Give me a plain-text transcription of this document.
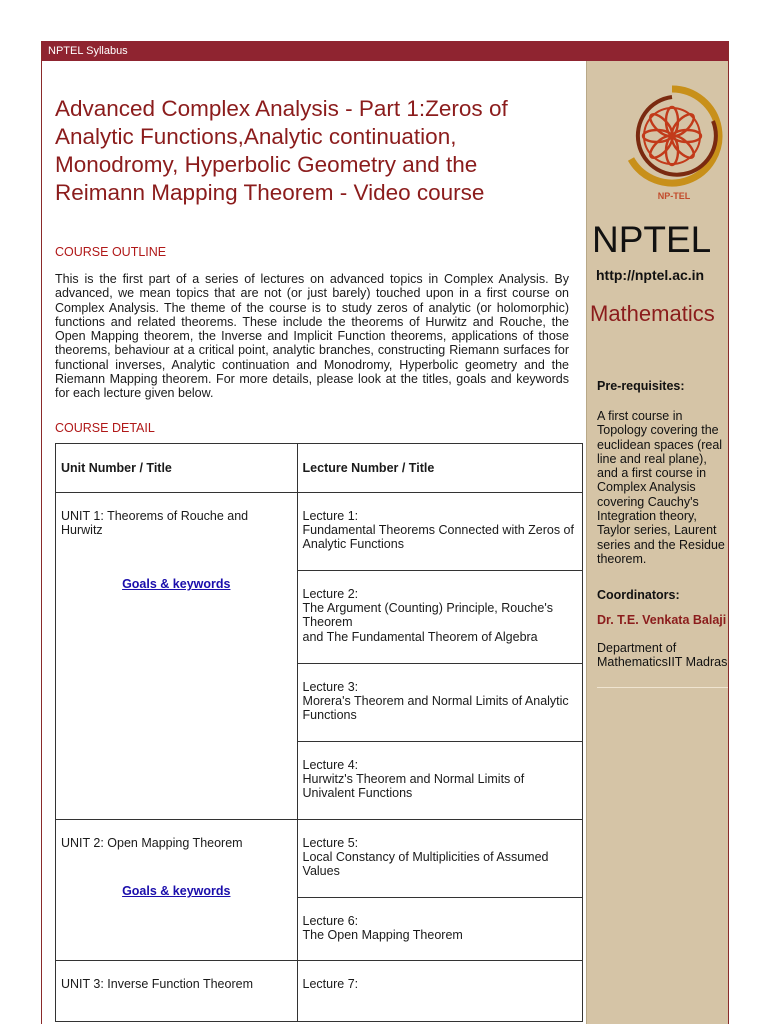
NPTEL Syllabus
Advanced Complex Analysis - Part 1:Zeros of Analytic Functions,Analytic continuation, Monodromy, Hyperbolic Geometry and the Reimann Mapping Theorem - Video course
COURSE OUTLINE

This is the first part of a series of lectures on advanced topics in Complex Analysis. By advanced, we mean topics that are not (or just barely) touched upon in a first course on Complex Analysis. The theme of the course is to study zeros of analytic (or holomorphic) functions and related theorems. These include the theorems of Hurwitz and Rouche, the Open Mapping theorem, the Inverse and Implicit Function theorems, applications of those theorems, behaviour at a critical point, analytic branches, constructing Riemann surfaces for functional inverses, Analytic continuation and Monodromy, Hyperbolic geometry and the Riemann Mapping theorem. For more details, please look at the titles, goals and keywords for each lecture given below.

COURSE DETAIL
Unit Number / Title	Lecture Number / Title

UNIT 1: Theorems of Rouche and Hurwitz
Goals & keywords	Lecture 1:
Fundamental Theorems Connected with Zeros of Analytic Functions

	Lecture 2:
The Argument (Counting) Principle, Rouche's Theorem
and The Fundamental Theorem of Algebra

	Lecture 3:
Morera's Theorem and Normal Limits of Analytic Functions

	Lecture 4:
Hurwitz's Theorem and Normal Limits of Univalent Functions

UNIT 2: Open Mapping Theorem
Goals & keywords	Lecture 5:
Local Constancy of Multiplicities of Assumed Values

	Lecture 6:
The Open Mapping Theorem

UNIT 3: Inverse Function Theorem	Lecture 7:
NP-TEL
NPTEL
http://nptel.ac.in
Mathematics
Pre-requisites:
A first course in Topology covering the euclidean spaces (real line and real plane), and a first course in Complex Analysis covering Cauchy's Integration theory, Taylor series, Laurent series and the Residue theorem.
Coordinators:
Dr. T.E. Venkata Balaji
Department of MathematicsIIT Madras
